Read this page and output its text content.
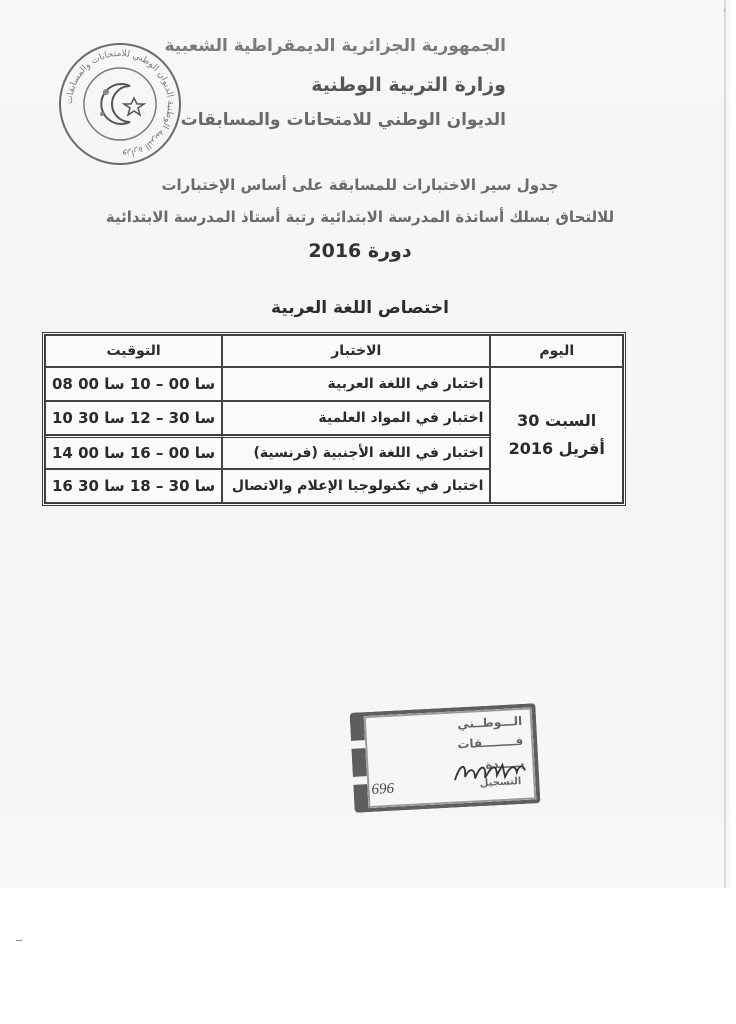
الجمهورية الجزائرية الديمقراطية الشعبية
وزارة التربية الوطنية
الديوان الوطني للامتحانات والمسابقات
وزارة التربية الوطنية الديوان الوطني للامتحانات والمسابقات
جدول سير الاختبارات للمسابقة على أساس الإختبارات
للالتحاق بسلك أساتذة المدرسة الابتدائية رتبة أستاذ المدرسة الابتدائية
دورة 2016
اختصاص اللغة العربية
اليوم	الاختبار	التوقيت
السبت 30 أفريل 2016	اختبار في اللغة العربية	08 سا 00 – 10 سا 00
	اختبار في المواد العلمية	10 سا 30 – 12 سا 30
	اختبار في اللغة الأجنبية (فرنسية)	14 سا 00 – 16 سا 00
	اختبار في تكنولوجيا الإعلام والاتصال	16 سا 30 – 18 سا 30
الـــوطــني
فــــــــقات
يـــــدة
التسجيل
696
'
